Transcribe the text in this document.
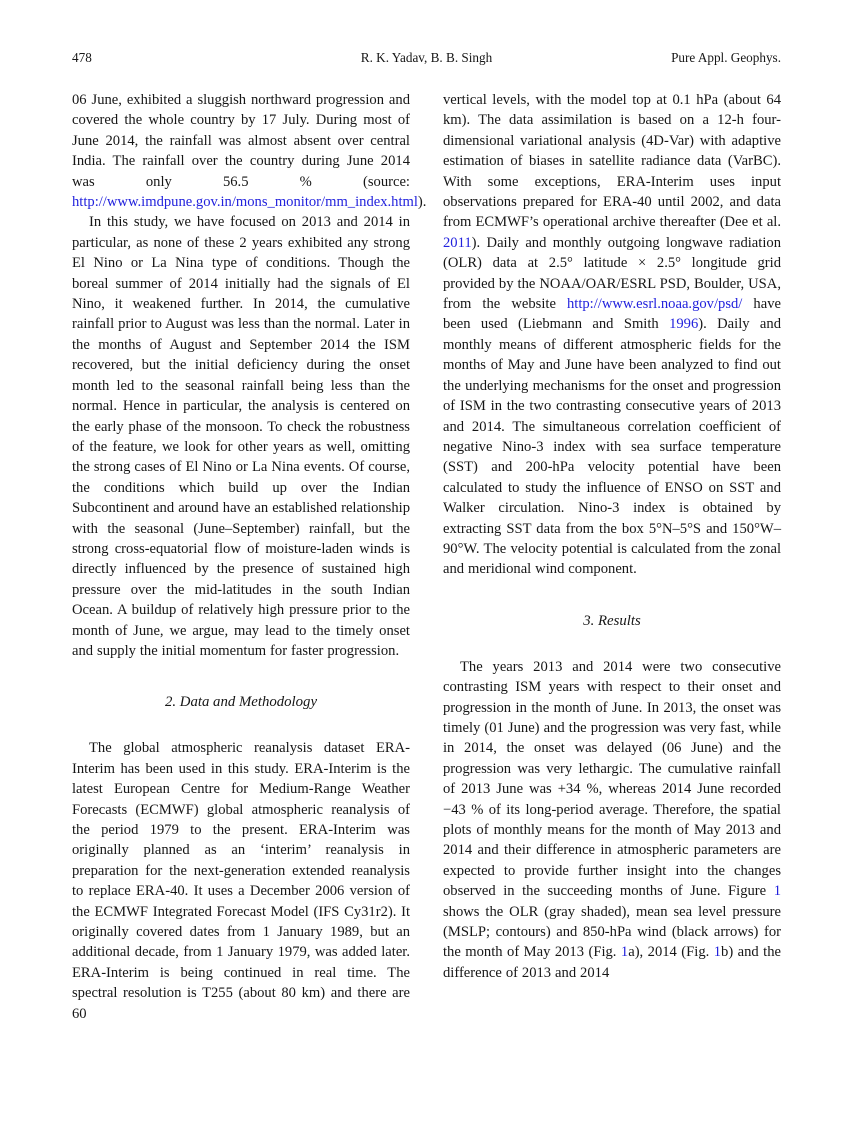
478	R. K. Yadav, B. B. Singh	Pure Appl. Geophys.

06 June, exhibited a sluggish northward progression and covered the whole country by 17 July. During most of June 2014, the rainfall was almost absent over central India. The rainfall over the country during June 2014 was only 56.5 % (source: http://www.imdpune.gov.in/mons_monitor/mm_index.html).

In this study, we have focused on 2013 and 2014 in particular, as none of these 2 years exhibited any strong El Nino or La Nina type of conditions. Though the boreal summer of 2014 initially had the signals of El Nino, it weakened further. In 2014, the cumulative rainfall prior to August was less than the normal. Later in the months of August and September 2014 the ISM recovered, but the initial deficiency during the onset month led to the seasonal rainfall being less than the normal. Hence in particular, the analysis is centered on the early phase of the monsoon. To check the robustness of the feature, we look for other years as well, omitting the strong cases of El Nino or La Nina events. Of course, the conditions which build up over the Indian Subcontinent and around have an established relationship with the seasonal (June–September) rainfall, but the strong cross-equatorial flow of moisture-laden winds is directly influenced by the presence of sustained high pressure over the mid-latitudes in the south Indian Ocean. A buildup of relatively high pressure prior to the month of June, we argue, may lead to the timely onset and supply the initial momentum for faster progression.

2. Data and Methodology

The global atmospheric reanalysis dataset ERA-Interim has been used in this study. ERA-Interim is the latest European Centre for Medium-Range Weather Forecasts (ECMWF) global atmospheric reanalysis of the period 1979 to the present. ERA-Interim was originally planned as an ‘interim’ reanalysis in preparation for the next-generation extended reanalysis to replace ERA-40. It uses a December 2006 version of the ECMWF Integrated Forecast Model (IFS Cy31r2). It originally covered dates from 1 January 1989, but an additional decade, from 1 January 1979, was added later. ERA-Interim is being continued in real time. The spectral resolution is T255 (about 80 km) and there are 60

vertical levels, with the model top at 0.1 hPa (about 64 km). The data assimilation is based on a 12-h four-dimensional variational analysis (4D-Var) with adaptive estimation of biases in satellite radiance data (VarBC). With some exceptions, ERA-Interim uses input observations prepared for ERA-40 until 2002, and data from ECMWF’s operational archive thereafter (Dee et al. 2011). Daily and monthly outgoing longwave radiation (OLR) data at 2.5° latitude × 2.5° longitude grid provided by the NOAA/OAR/ESRL PSD, Boulder, USA, from the website http://www.esrl.noaa.gov/psd/ have been used (Liebmann and Smith 1996). Daily and monthly means of different atmospheric fields for the months of May and June have been analyzed to find out the underlying mechanisms for the onset and progression of ISM in the two contrasting consecutive years of 2013 and 2014. The simultaneous correlation coefficient of negative Nino-3 index with sea surface temperature (SST) and 200-hPa velocity potential have been calculated to study the influence of ENSO on SST and Walker circulation. Nino-3 index is obtained by extracting SST data from the box 5°N–5°S and 150°W–90°W. The velocity potential is calculated from the zonal and meridional wind component.

3. Results

The years 2013 and 2014 were two consecutive contrasting ISM years with respect to their onset and progression in the month of June. In 2013, the onset was timely (01 June) and the progression was very fast, while in 2014, the onset was delayed (06 June) and the progression was very lethargic. The cumulative rainfall of 2013 June was +34 %, whereas 2014 June recorded −43 % of its long-period average. Therefore, the spatial plots of monthly means for the month of May 2013 and 2014 and their difference in atmospheric parameters are expected to provide further insight into the changes observed in the succeeding months of June. Figure 1 shows the OLR (gray shaded), mean sea level pressure (MSLP; contours) and 850-hPa wind (black arrows) for the month of May 2013 (Fig. 1a), 2014 (Fig. 1b) and the difference of 2013 and 2014
